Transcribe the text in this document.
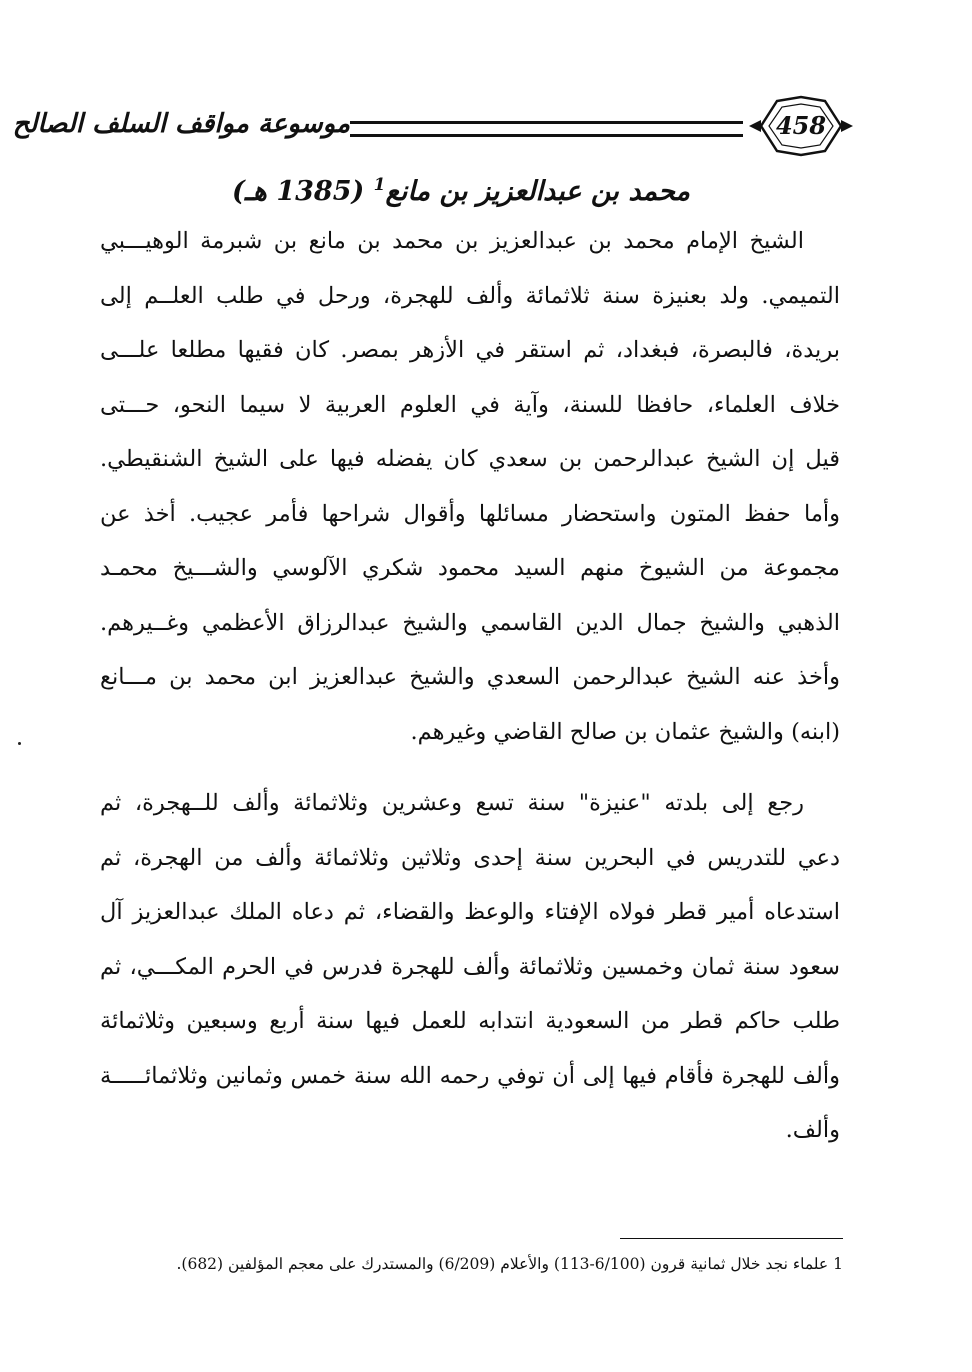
موسوعة مواقف السلف الصالح	458
محمد بن عبدالعزيز بن مانع$^1$ (1385 هـ)
الشيخ الإمام محمد بن عبدالعزيز بن محمد بن مانع بن شبرمة الوهيـــبي
التميمي. ولد بعنيزة سنة ثلاثمائة وألف للهجرة، ورحل في طلب العلــم إلى
بريدة، فالبصرة، فبغداد، ثم استقر في الأزهر بمصر. كان فقيها مطلعا علـــى
خلاف العلماء، حافظا للسنة، وآية في العلوم العربية لا سيما النحو، حـــتى
قيل إن الشيخ عبدالرحمن بن سعدي كان يفضله فيها على الشيخ الشنقيطي.
وأما حفظ المتون واستحضار مسائلها وأقوال شراحها فأمر عجيب. أخذ عن
مجموعة من الشيوخ منهم السيد محمود شكري الآلوسي والشـــيخ محمـد
الذهبي والشيخ جمال الدين القاسمي والشيخ عبدالرزاق الأعظمي وغــيرهم.
وأخذ عنه الشيخ عبدالرحمن السعدي والشيخ عبدالعزيز ابن محمد بن مـــانع
(ابنه) والشيخ عثمان بن صالح القاضي وغيرهم.
رجع إلى بلدته "عنيزة" سنة تسع وعشرين وثلاثمائة وألف للــهجرة، ثم
دعي للتدريس في البحرين سنة إحدى وثلاثين وثلاثمائة وألف من الهجرة، ثم
استدعاه أمير قطر فولاه الإفتاء والوعظ والقضاء، ثم دعاه الملك عبدالعزيز آل
سعود سنة ثمان وخمسين وثلاثمائة وألف للهجرة فدرس في الحرم المكـــي، ثم
طلب حاكم قطر من السعودية انتدابه للعمل فيها سنة أربع وسبعين وثلاثمائة
وألف للهجرة فأقام فيها إلى أن توفي رحمه الله سنة خمس وثمانين وثلاثمائـــــة
وألف.
1 علماء نجد خلال ثمانية قرون (6/100-113) والأعلام (6/209) والمستدرك على معجم المؤلفين (682).
